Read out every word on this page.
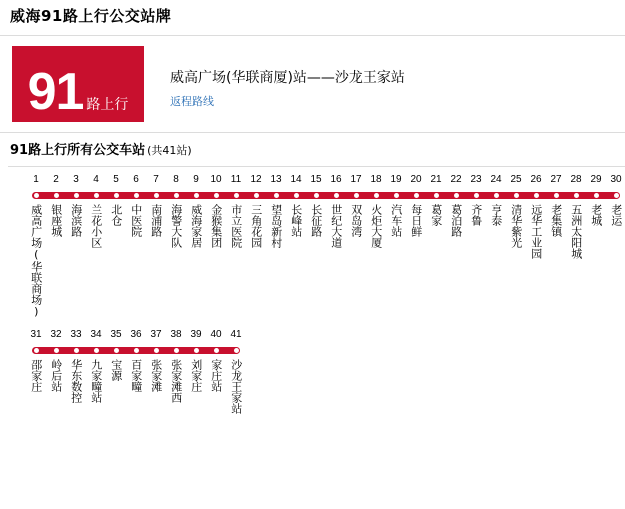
威海91路上行公交站牌
91 路上行
威高广场(华联商厦)站——沙龙王家站
返程路线
91路上行所有公交车站 (共41站)
1	2	3	4	5	6	7	8	9	10 11 12 13 14 15 16 17 18 19 20 21 22 23 24 25 26 27 28 29 30
威高广场(华联商场) 银座城 海滨路 兰花小区 北仓 中医院 南浦路 海警大队 威海家居 金猴集团 市立医院 三角花园 望岛新村 长峰站 长征路 世纪大道 双岛湾 火炬大厦 汽车站 每日鲜 葛家 葛泊路 齐鲁 亨泰 清华紫光 远华工业园 老集镇 五洲太阳城 老城 老运
31 32 33 34 35 36 37 38 39 40 41
邵家庄 岭后站 华东数控 九家疃站 宝源 百家疃 张家滩 张家滩西 刘家庄 家庄站 沙龙王家站
